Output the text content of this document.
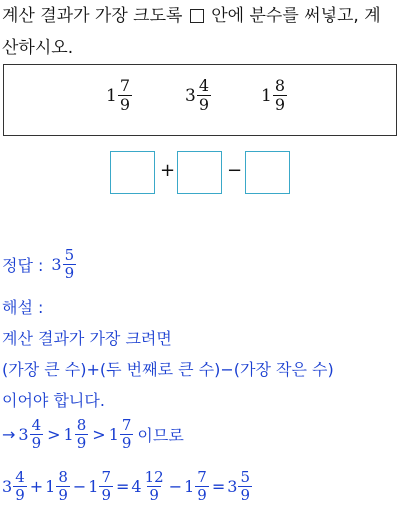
계산 결과가 가장 크도록 안에 분수를 써넣고, 계
산하시오.
$1 \frac{7}{9}$	$3 \frac{4}{9}$	$1 \frac{8}{9}$
+	−
정답 : $3 \frac{5}{9}$
해설 :
계산 결과가 가장 크려면
(가장 큰 수)+(두 번째로 큰 수)−(가장 작은 수)
이어야 합니다.
→ $3 \frac{4}{9} > 1 \frac{8}{9} > 1 \frac{7}{9}$ 이므로
$3 \frac{4}{9} + 1 \frac{8}{9} - 1 \frac{7}{9} = 4 \frac{12}{9} - 1 \frac{7}{9} = 3 \frac{5}{9}$
